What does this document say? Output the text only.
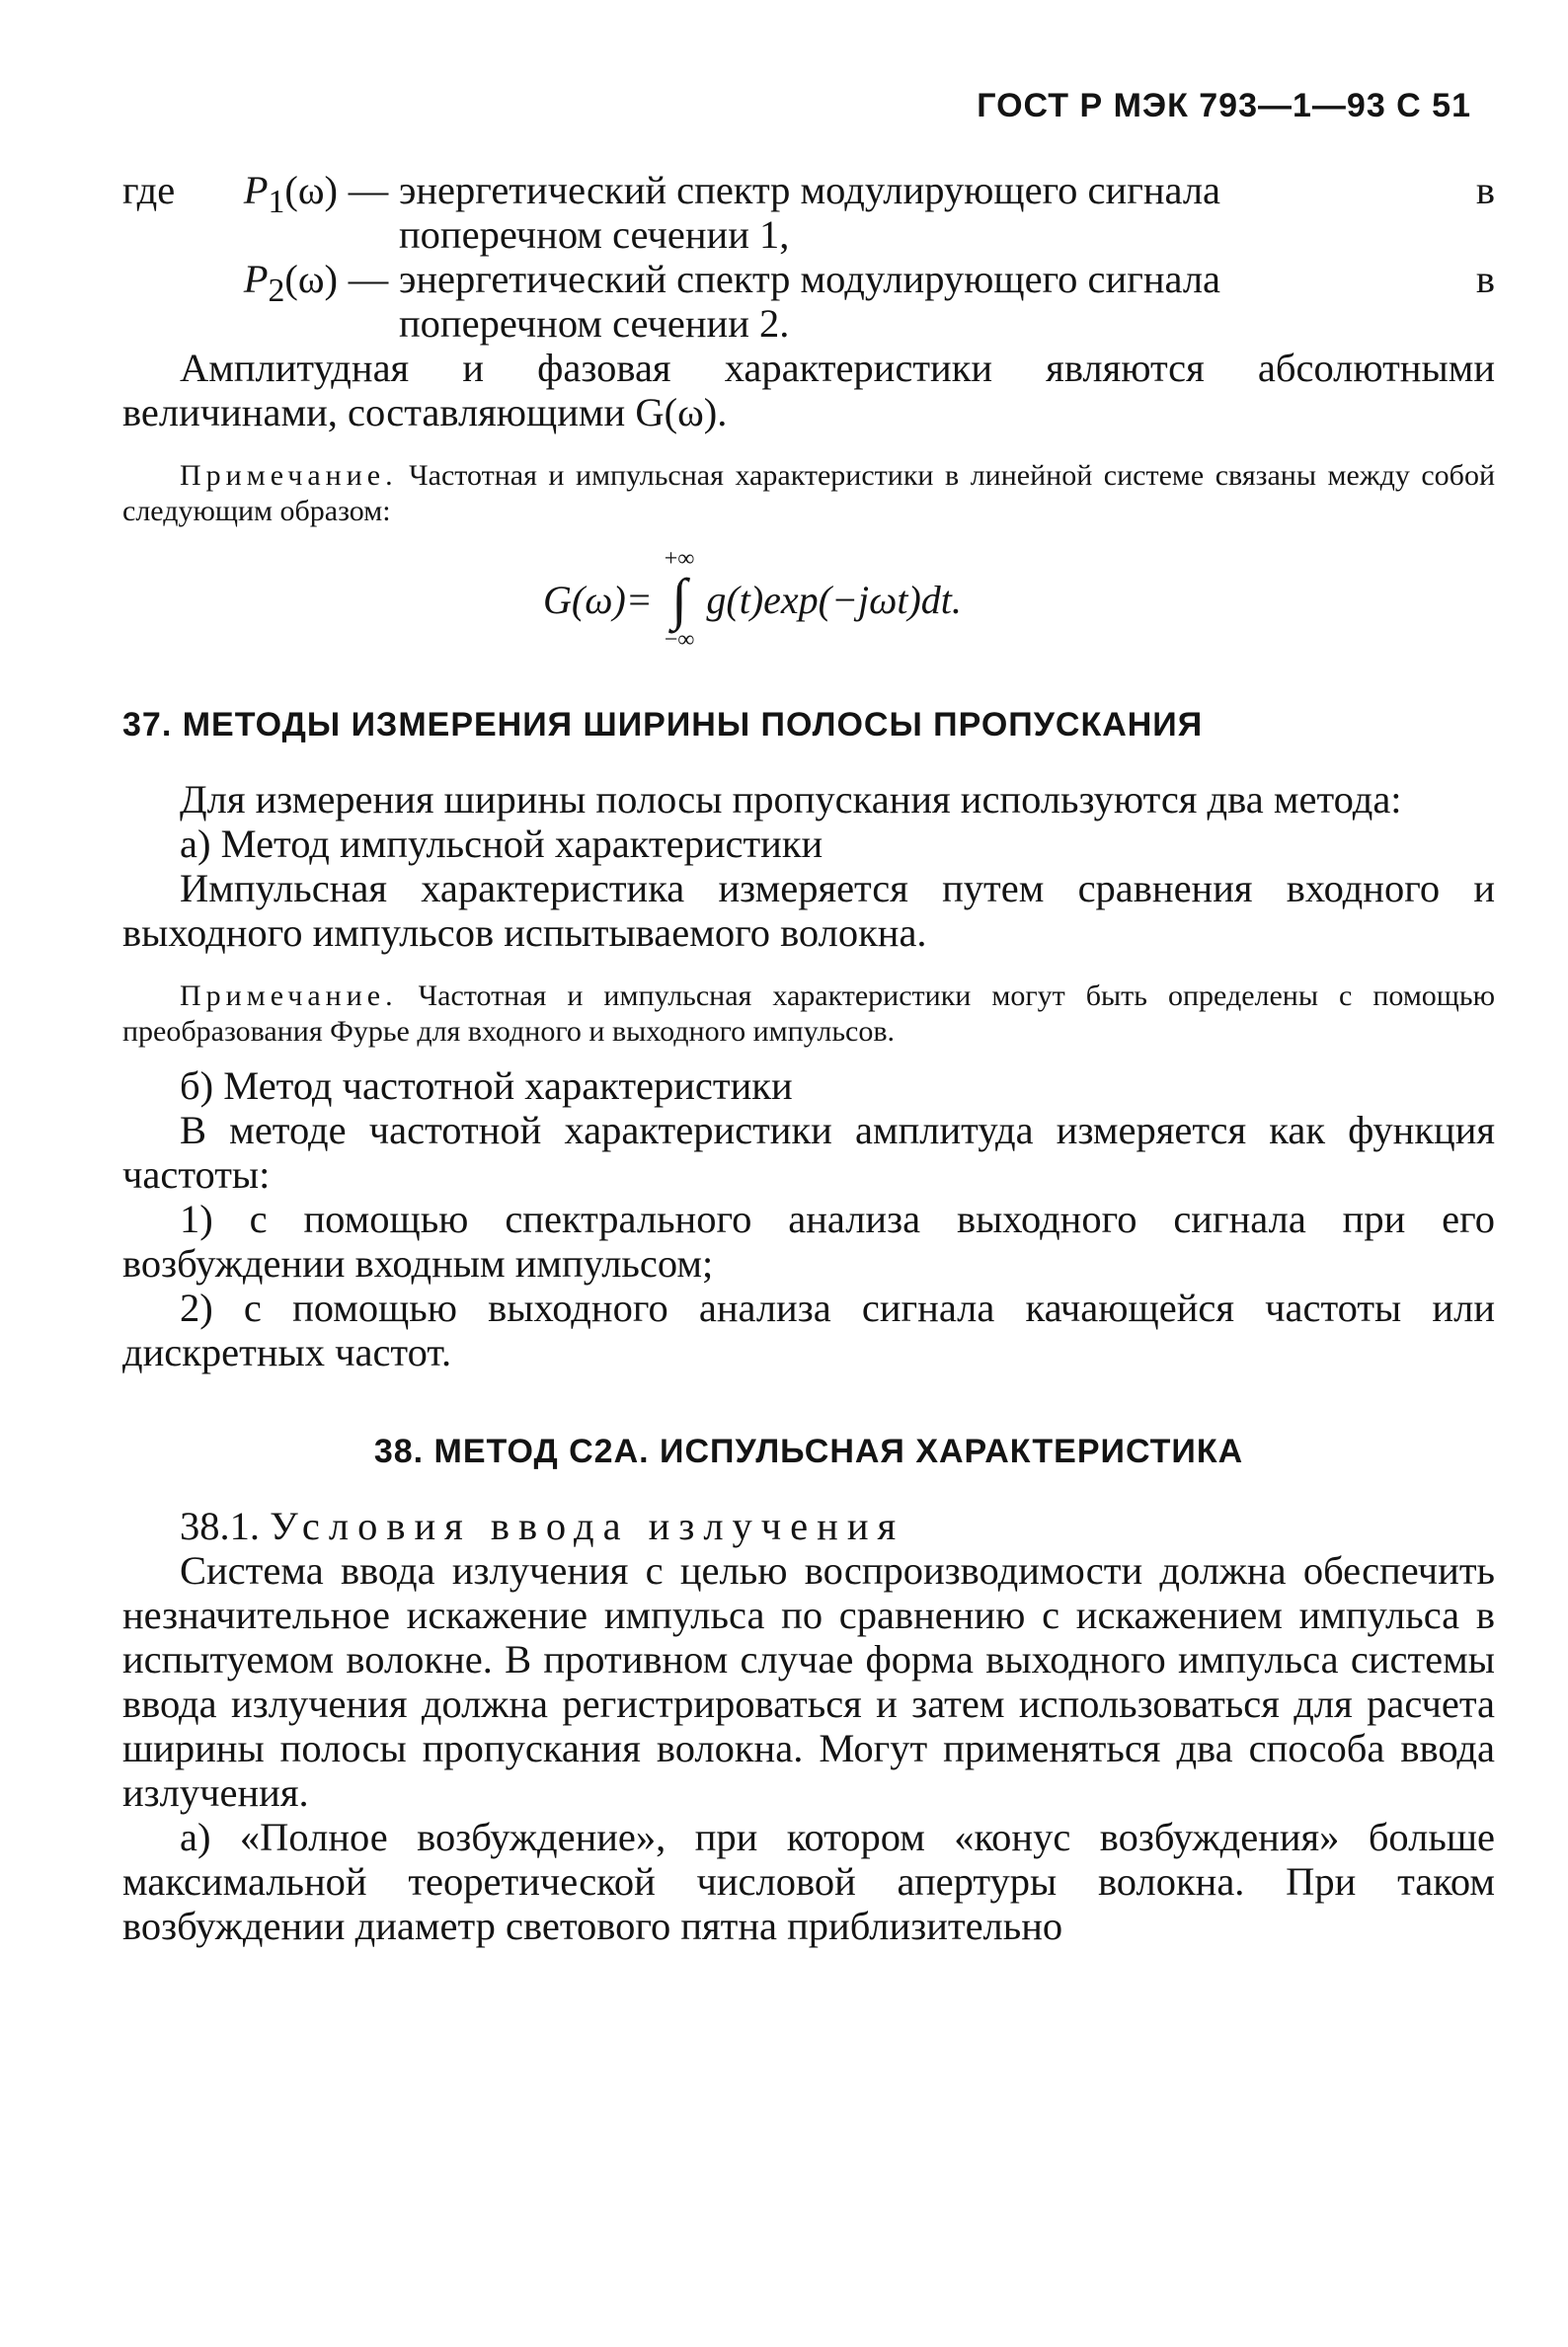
ГОСТ Р МЭК 793—1—93 С 51
где	$P_1(\omega)$ — энергетический спектр модулирующего сигнала	в
поперечном сечении 1,
$P_2(\omega)$ — энергетический спектр модулирующего сигнала	в
поперечном сечении 2.

Амплитудная и фазовая характеристики являются абсолютными величинами, составляющими G(ω).

Примечание. Частотная и импульсная характеристики в линейной системе связаны между собой следующим образом:

G(ω)=
+∞
∫
−∞
g(t)exp(−jωt)dt.
37. МЕТОДЫ ИЗМЕРЕНИЯ ШИРИНЫ ПОЛОСЫ ПРОПУСКАНИЯ

Для измерения ширины полосы пропускания используются два метода:

а) Метод импульсной характеристики

Импульсная характеристика измеряется путем сравнения входного и выходного импульсов испытываемого волокна.

Примечание. Частотная и импульсная характеристики могут быть определены с помощью преобразования Фурье для входного и выходного импульсов.

б) Метод частотной характеристики

В методе частотной характеристики амплитуда измеряется как функция частоты:

1) с помощью спектрального анализа выходного сигнала при его возбуждении входным импульсом;

2) с помощью выходного анализа сигнала качающейся частоты или дискретных частот.

38. МЕТОД С2А. ИСПУЛЬСНАЯ ХАРАКТЕРИСТИКА

38.1. Условия ввода излучения

Система ввода излучения с целью воспроизводимости должна обеспечить незначительное искажение импульса по сравнению с искажением импульса в испытуемом волокне. В противном случае форма выходного импульса системы ввода излучения должна регистрироваться и затем использоваться для расчета ширины полосы пропускания волокна. Могут применяться два способа ввода излучения.

а) «Полное возбуждение», при котором «конус возбуждения» больше максимальной теоретической числовой апертуры волокна. При таком возбуждении диаметр светового пятна приблизительно
